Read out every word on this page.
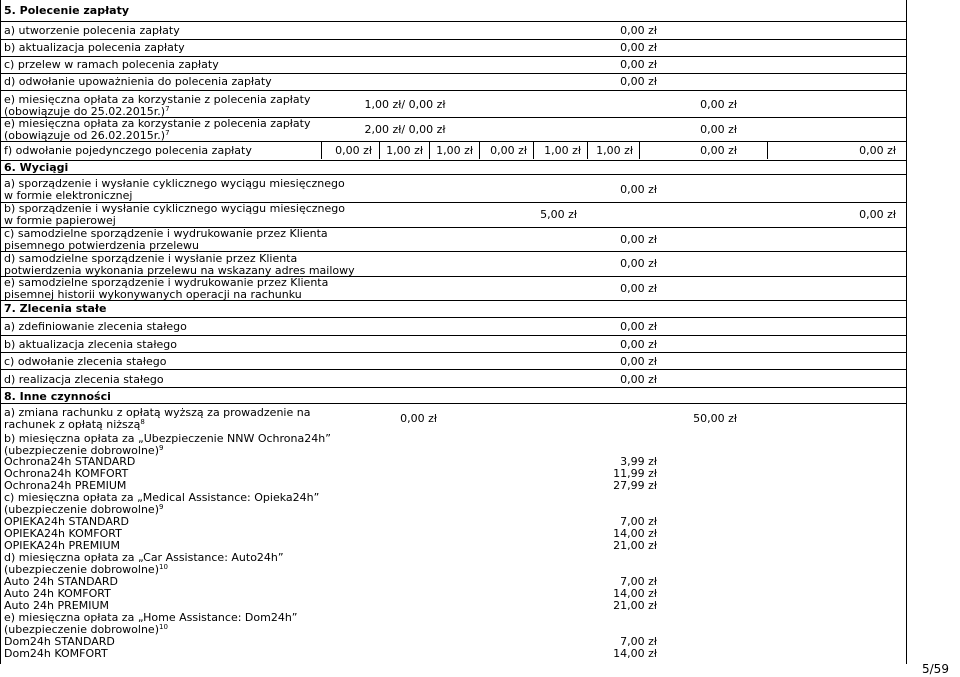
5. Polecenie zapłaty
a) utworzenie polecenia zapłaty	0,00 zł
b) aktualizacja polecenia zapłaty	0,00 zł
c) przelew w ramach polecenia zapłaty	0,00 zł
d) odwołanie upoważnienia do polecenia zapłaty	0,00 zł
e) miesięczna opłata za korzystanie z polecenia zapłaty
(obowiązuje do 25.02.2015r.)$^7$	1,00 zł/ 0,00 zł	0,00 zł
e) miesięczna opłata za korzystanie z polecenia zapłaty
(obowiązuje od 26.02.2015r.)$^7$	2,00 zł/ 0,00 zł	0,00 zł
f) odwołanie pojedynczego polecenia zapłaty	0,00 zł	1,00 zł	1,00 zł	0,00 zł	1,00 zł	1,00 zł	0,00 zł	0,00 zł
6. Wyciągi
a) sporządzenie i wysłanie cyklicznego wyciągu miesięcznego
w formie elektronicznej	0,00 zł
b) sporządzenie i wysłanie cyklicznego wyciągu miesięcznego
w formie papierowej	5,00 zł	0,00 zł
c) samodzielne sporządzenie i wydrukowanie przez Klienta
pisemnego potwierdzenia przelewu	0,00 zł
d) samodzielne sporządzenie i wysłanie przez Klienta
potwierdzenia wykonania przelewu na wskazany adres mailowy
0,00 zł
e) samodzielne sporządzenie i wydrukowanie przez Klienta
pisemnej historii wykonywanych operacji na rachunku	0,00 zł
7. Zlecenia stałe
a) zdefiniowanie zlecenia stałego	0,00 zł
b) aktualizacja zlecenia stałego	0,00 zł
c) odwołanie zlecenia stałego	0,00 zł
d) realizacja zlecenia stałego	0,00 zł
8. Inne czynności
a) zmiana rachunku z opłatą wyższą za prowadzenie na
rachunek z opłatą niższą$^8$	0,00 zł	50,00 zł
b) miesięczna opłata za „Ubezpieczenie NNW Ochrona24h”
(ubezpieczenie dobrowolne)$^9$
Ochrona24h STANDARD	3,99 zł
Ochrona24h KOMFORT	11,99 zł
Ochrona24h PREMIUM	27,99 zł
c) miesięczna opłata za „Medical Assistance: Opieka24h”
(ubezpieczenie dobrowolne)$^9$
OPIEKA24h STANDARD	7,00 zł
OPIEKA24h KOMFORT	14,00 zł
OPIEKA24h PREMIUM	21,00 zł
d) miesięczna opłata za „Car Assistance: Auto24h”
(ubezpieczenie dobrowolne)$^{10}$
Auto 24h STANDARD	7,00 zł
Auto 24h KOMFORT	14,00 zł
Auto 24h PREMIUM	21,00 zł
e) miesięczna opłata za „Home Assistance: Dom24h”
(ubezpieczenie dobrowolne)$^{10}$
Dom24h STANDARD	7,00 zł
Dom24h KOMFORT	14,00 zł
5/59
